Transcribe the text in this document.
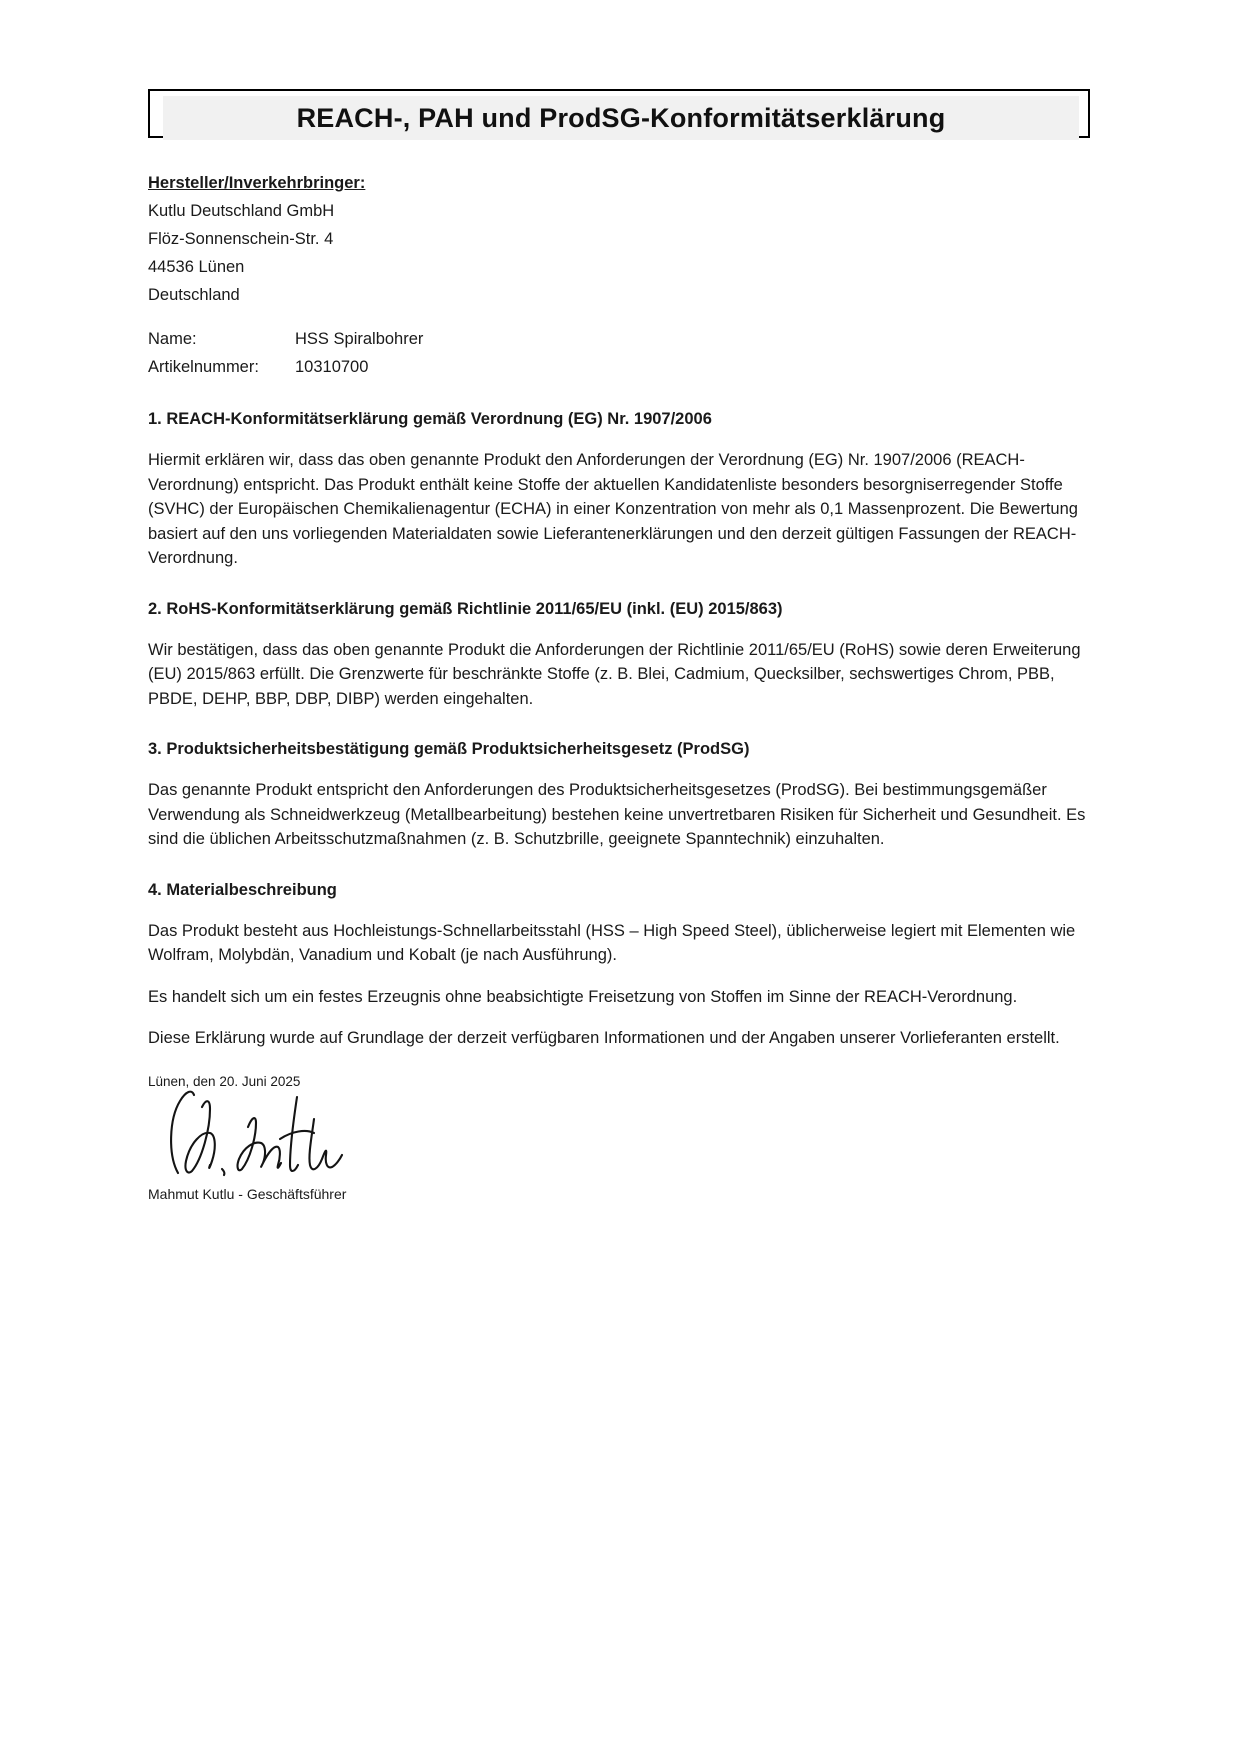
REACH-, PAH und ProdSG-Konformitätserklärung
Hersteller/Inverkehrbringer:
Kutlu Deutschland GmbH
Flöz-Sonnenschein-Str. 4
44536 Lünen
Deutschland
Name:	HSS Spiralbohrer
Artikelnummer:	10310700
1. REACH-Konformitätserklärung gemäß Verordnung (EG) Nr. 1907/2006

Hiermit erklären wir, dass das oben genannte Produkt den Anforderungen der Verordnung (EG) Nr. 1907/2006 (REACH-Verordnung) entspricht. Das Produkt enthält keine Stoffe der aktuellen Kandidatenliste besonders besorgniserregender Stoffe (SVHC) der Europäischen Chemikalienagentur (ECHA) in einer Konzentration von mehr als 0,1 Massenprozent. Die Bewertung basiert auf den uns vorliegenden Materialdaten sowie Lieferantenerklärungen und den derzeit gültigen Fassungen der REACH-Verordnung.

2. RoHS-Konformitätserklärung gemäß Richtlinie 2011/65/EU (inkl. (EU) 2015/863)

Wir bestätigen, dass das oben genannte Produkt die Anforderungen der Richtlinie 2011/65/EU (RoHS) sowie deren Erweiterung (EU) 2015/863 erfüllt. Die Grenzwerte für beschränkte Stoffe (z. B. Blei, Cadmium, Quecksilber, sechswertiges Chrom, PBB, PBDE, DEHP, BBP, DBP, DIBP) werden eingehalten.

3. Produktsicherheitsbestätigung gemäß Produktsicherheitsgesetz (ProdSG)

Das genannte Produkt entspricht den Anforderungen des Produktsicherheitsgesetzes (ProdSG). Bei bestimmungsgemäßer Verwendung als Schneidwerkzeug (Metallbearbeitung) bestehen keine unvertretbaren Risiken für Sicherheit und Gesundheit. Es sind die üblichen Arbeitsschutzmaßnahmen (z. B. Schutzbrille, geeignete Spanntechnik) einzuhalten.

4. Materialbeschreibung

Das Produkt besteht aus Hochleistungs-Schnellarbeitsstahl (HSS – High Speed Steel), üblicherweise legiert mit Elementen wie Wolfram, Molybdän, Vanadium und Kobalt (je nach Ausführung).

Es handelt sich um ein festes Erzeugnis ohne beabsichtigte Freisetzung von Stoffen im Sinne der REACH-Verordnung.

Diese Erklärung wurde auf Grundlage der derzeit verfügbaren Informationen und der Angaben unserer Vorlieferanten erstellt.

Lünen, den 20. Juni 2025
Mahmut Kutlu - Geschäftsführer
